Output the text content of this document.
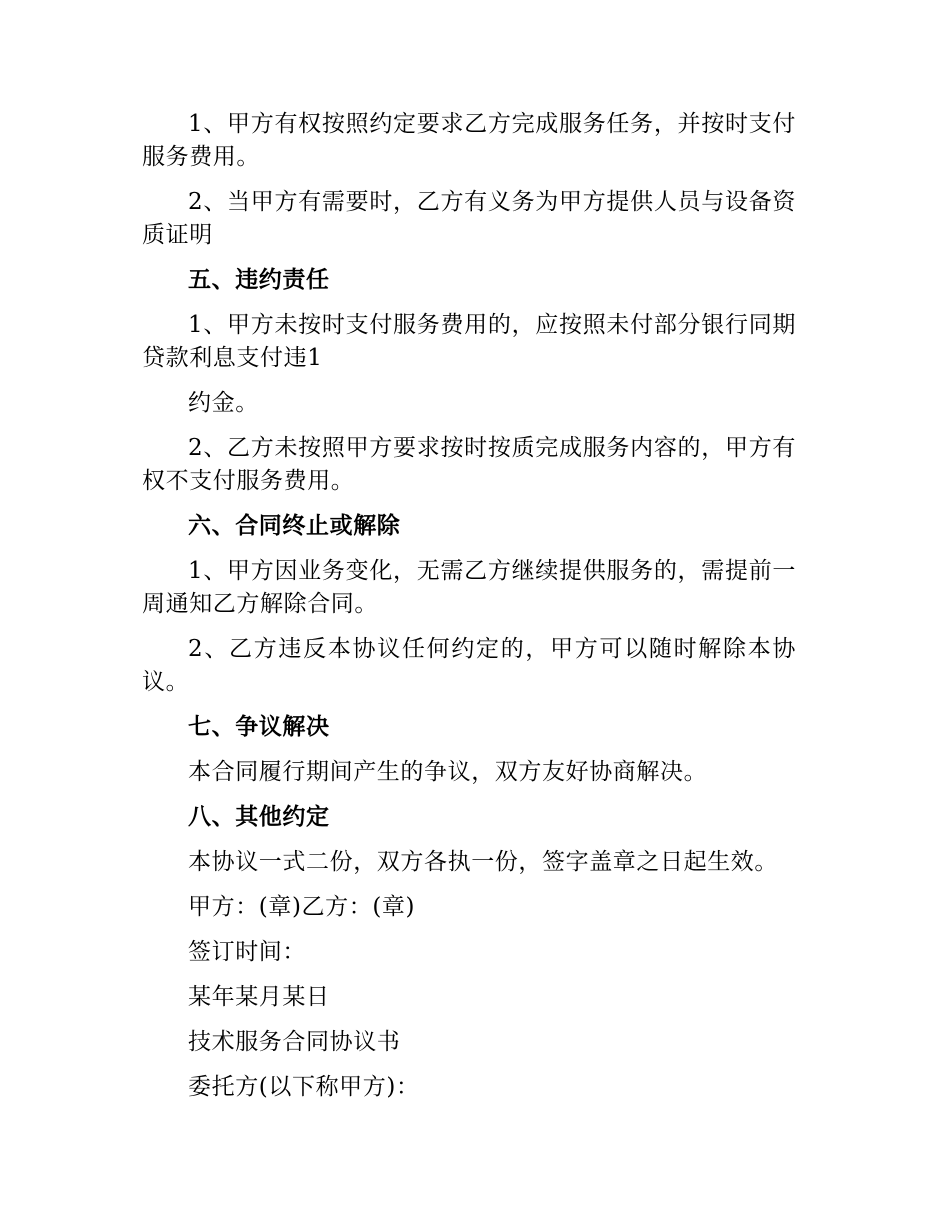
1、甲方有权按照约定要求乙方完成服务任务，并按时支付服务费用。

2、当甲方有需要时，乙方有义务为甲方提供人员与设备资质证明

五、违约责任

1、甲方未按时支付服务费用的，应按照未付部分银行同期贷款利息支付违1

约金。

2、乙方未按照甲方要求按时按质完成服务内容的，甲方有权不支付服务费用。

六、合同终止或解除

1、甲方因业务变化，无需乙方继续提供服务的，需提前一周通知乙方解除合同。

2、乙方违反本协议任何约定的，甲方可以随时解除本协议。

七、争议解决

本合同履行期间产生的争议，双方友好协商解决。

八、其他约定

本协议一式二份，双方各执一份，签字盖章之日起生效。

甲方：(章)乙方：(章)

签订时间：

某年某月某日

技术服务合同协议书

委托方(以下称甲方)：
